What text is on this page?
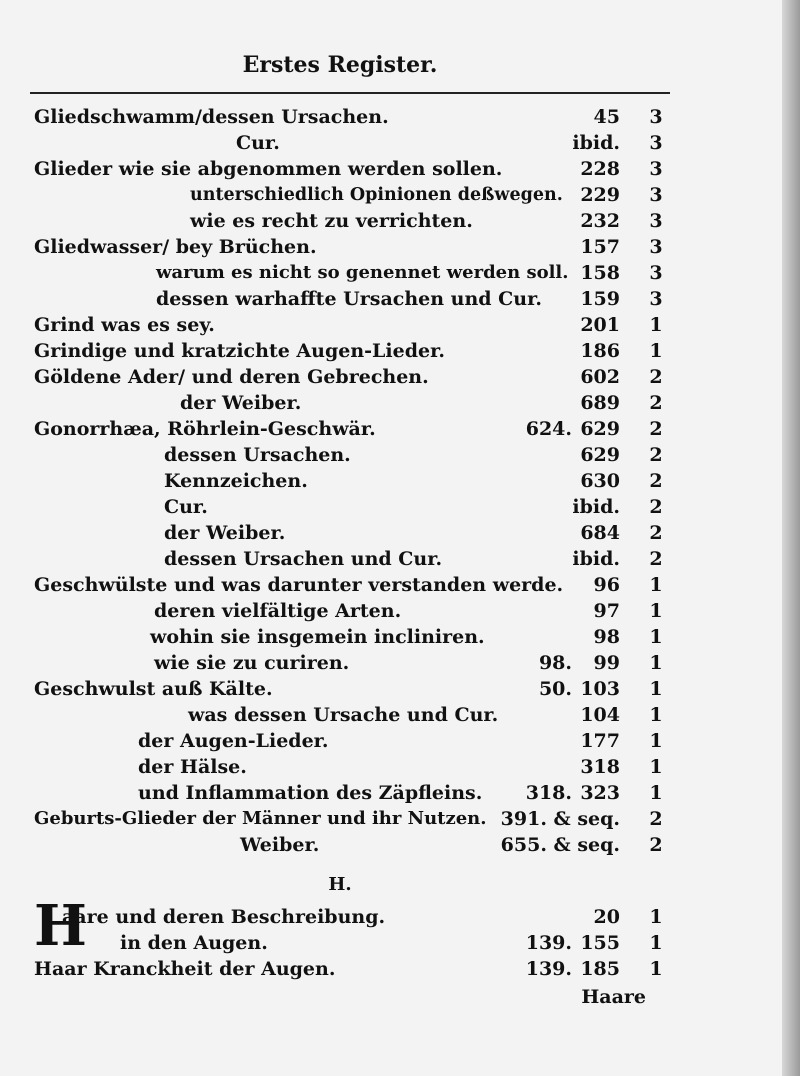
Erstes Register.
Gliedschwamm/dessen Ursachen.	45 3
Cur.	ibid. 3
Glieder wie sie abgenommen werden sollen.	228 3
unterschiedlich Opinionen deßwegen. 229 3
wie es recht zu verrichten.	232 3
Gliedwasser/ bey Brüchen.	157 3
warum es nicht so genennet werden soll. 158 3
dessen warhaffte Ursachen und Cur. 159 3
Grind was es sey.	201 1
Grindige und kratzichte Augen-Lieder.	186 1
Göldene Ader/ und deren Gebrechen.	602 2
der Weiber.	689 2
Gonorrhæa, Röhrlein-Geschwär.	624. 629 2
dessen Ursachen.	629 2
Kennzeichen.	630 2
Cur.	ibid. 2
der Weiber.	684 2
dessen Ursachen und Cur.	ibid. 2
Geschwülste und was darunter verstanden werde. 96 1
deren vielfältige Arten.	97 1
wohin sie insgemein incliniren.	98 1
wie sie zu curiren.	98. 99 1
Geschwulst auß Kälte.	50. 103 1
was dessen Ursache und Cur.	104 1
der Augen-Lieder.	177 1
der Hälse.	318 1
und Inflammation des Zäpfleins. 318. 323 1
Geburts-Glieder der Männer und ihr Nutzen. 391. & seq. 2
Weiber.	655. & seq. 2
aare und deren Beschreibung.	20 1
in den Augen.	139. 155 1
Haar Kranckheit der Augen.	139. 185 1
H.
H
Haare
